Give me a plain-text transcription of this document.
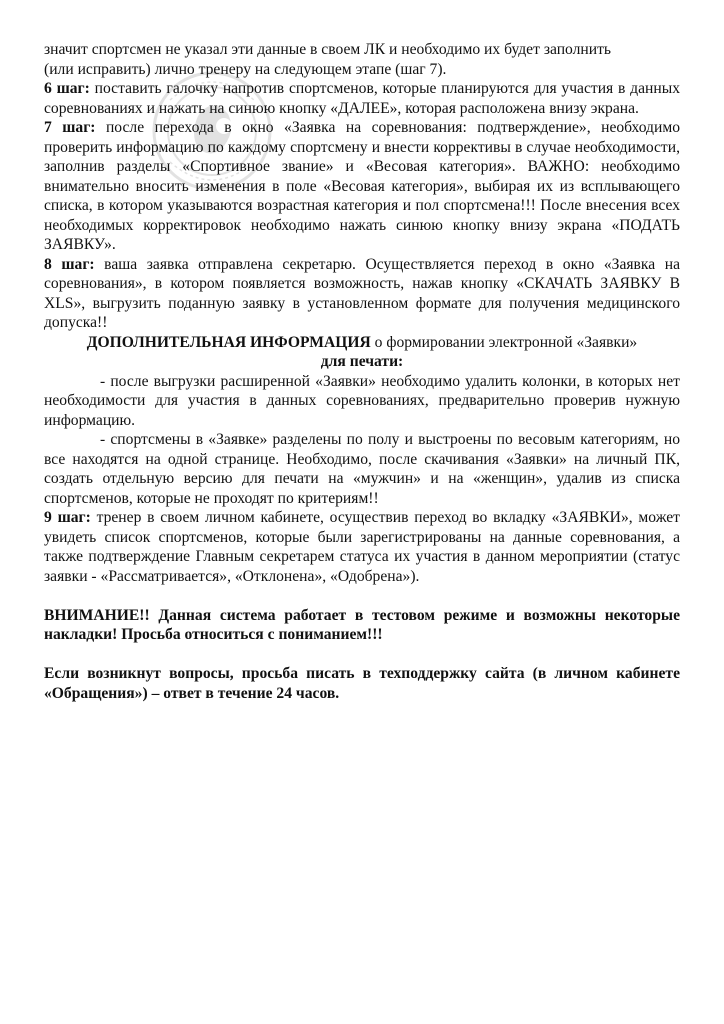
значит спортсмен не указал эти данные в своем ЛК и необходимо их будет заполнить

(или исправить) лично тренеру на следующем этапе (шаг 7).

6 шаг: поставить галочку напротив спортсменов, которые планируются для участия в данных соревнованиях и нажать на синюю кнопку «ДАЛЕЕ», которая расположена внизу экрана.

7 шаг: после перехода в окно «Заявка на соревнования: подтверждение», необходимо проверить информацию по каждому спортсмену и внести коррективы в случае необходимости, заполнив разделы «Спортивное звание» и «Весовая категория». ВАЖНО: необходимо внимательно вносить изменения в поле «Весовая категория», выбирая их из всплывающего списка, в котором указываются возрастная категория и пол спортсмена!!! После внесения всех необходимых корректировок необходимо нажать синюю кнопку внизу экрана «ПОДАТЬ ЗАЯВКУ».

8 шаг: ваша заявка отправлена секретарю. Осуществляется переход в окно «Заявка на соревнования», в котором появляется возможность, нажав кнопку «СКАЧАТЬ ЗАЯВКУ В XLS», выгрузить поданную заявку в установленном формате для получения медицинского допуска!!

ДОПОЛНИТЕЛЬНАЯ ИНФОРМАЦИЯ о формировании электронной «Заявки»
для печати:

- после выгрузки расширенной «Заявки» необходимо удалить колонки, в которых нет необходимости для участия в данных соревнованиях, предварительно проверив нужную информацию.

- спортсмены в «Заявке» разделены по полу и выстроены по весовым категориям, но все находятся на одной странице. Необходимо, после скачивания «Заявки» на личный ПК, создать отдельную версию для печати на «мужчин» и на «женщин», удалив из списка спортсменов, которые не проходят по критериям!!

9 шаг: тренер в своем личном кабинете, осуществив переход во вкладку «ЗАЯВКИ», может увидеть список спортсменов, которые были зарегистрированы на данные соревнования, а также подтверждение Главным секретарем статуса их участия в данном мероприятии (статус заявки - «Рассматривается», «Отклонена», «Одобрена»).

ВНИМАНИЕ!! Данная система работает в тестовом режиме и возможны некоторые накладки! Просьба относиться с пониманием!!!

Если возникнут вопросы, просьба писать в техподдержку сайта (в личном кабинете «Обращения») – ответ в течение 24 часов.
